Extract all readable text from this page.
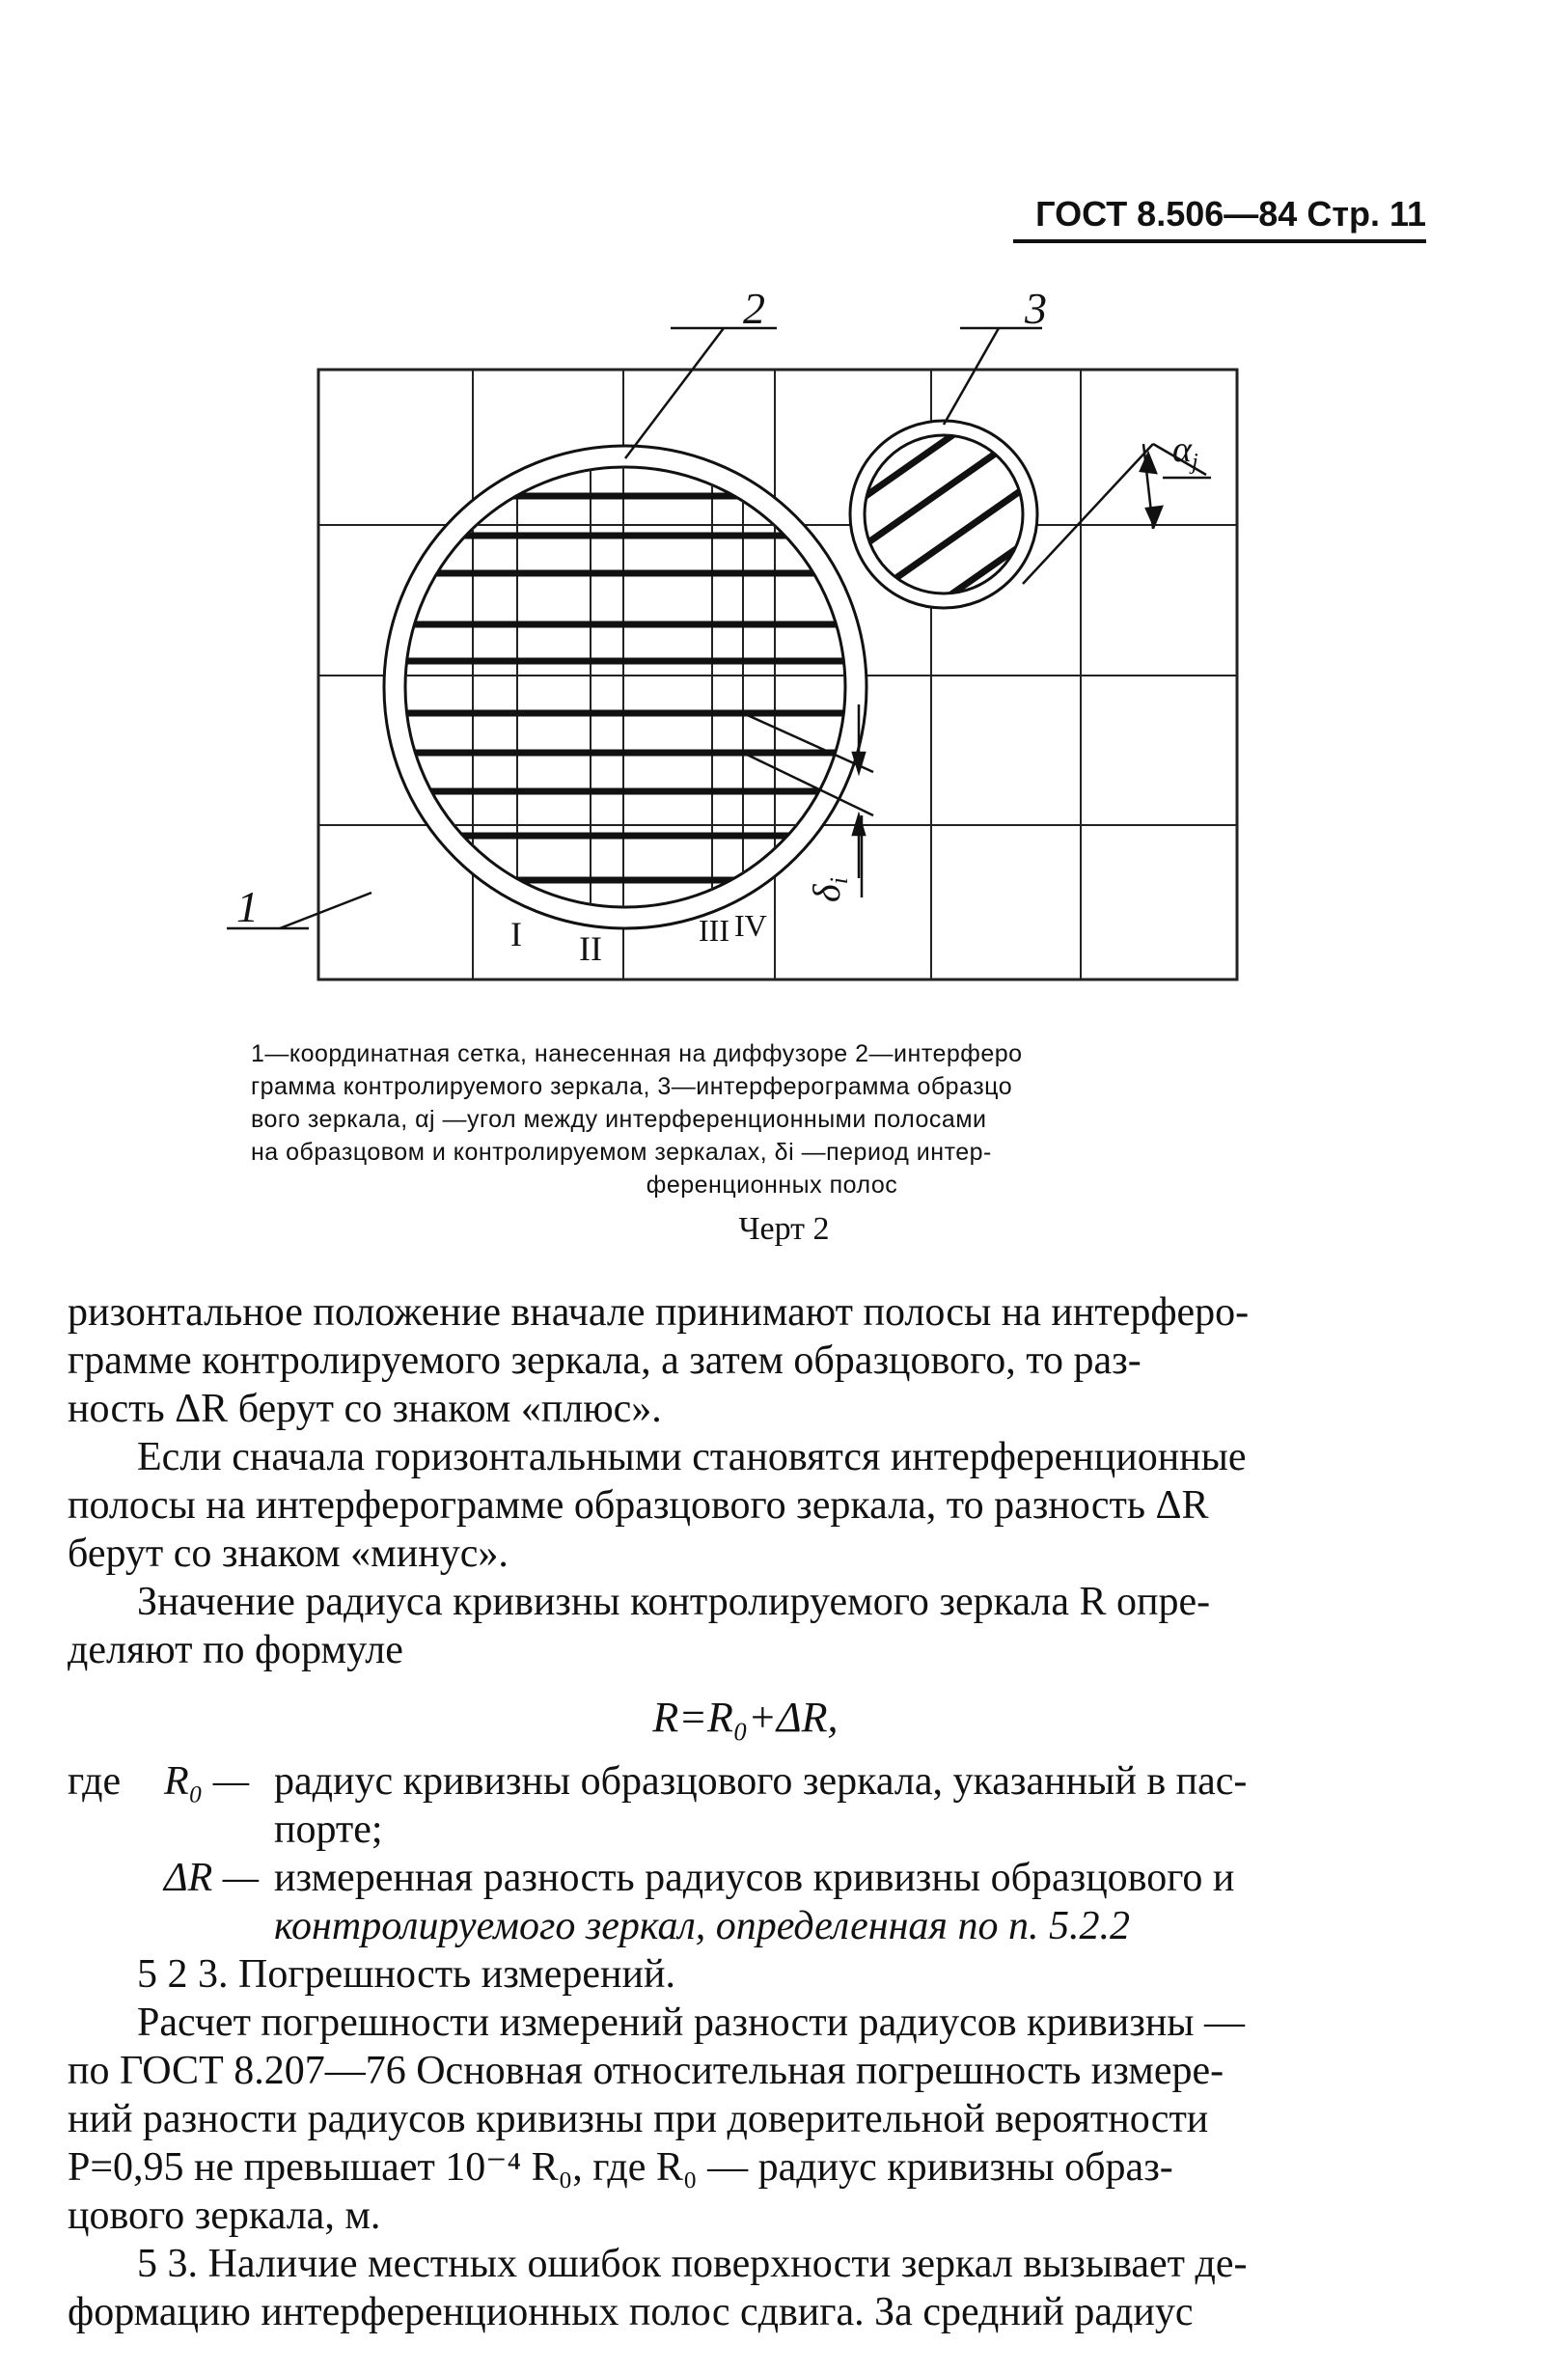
ГОСТ 8.506—84 Стр. 11
2	3
1
I II	III IV
$\alpha_j$
$\delta_i$
1—координатная сетка, нанесенная на диффузоре 2—интерферо
грамма контролируемого зеркала, 3—интерферограмма образцо
вого зеркала, αj —угол между интерференционными полосами
на образцовом и контролируемом зеркалах, δi —период интер-
ференционных полос
Черт 2

ризонтальное положение вначале принимают полосы на интерферо-

грамме контролируемого зеркала, а затем образцового, то раз-

ность ΔR берут со знаком «плюс».

Если сначала горизонтальными становятся интерференционные

полосы на интерферограмме образцового зеркала, то разность ΔR

берут со знаком «минус».

Значение радиуса кривизны контролируемого зеркала R опре-

деляют по формуле

R=R₀+ΔR,

где	R₀ — радиус кривизны образцового зеркала, указанный в пас-
порте;
ΔR — измеренная разность радиусов кривизны образцового и
контролируемого зеркал, определенная по п. 5.2.2

5 2 3. Погрешность измерений.

Расчет погрешности измерений разности радиусов кривизны —

по ГОСТ 8.207—76 Основная относительная погрешность измере-

ний разности радиусов кривизны при доверительной вероятности

P=0,95 не превышает 10⁻⁴ R₀, где R₀ — радиус кривизны образ-

цового зеркала, м.

5 3. Наличие местных ошибок поверхности зеркал вызывает де-

формацию интерференционных полос сдвига. За средний радиус
